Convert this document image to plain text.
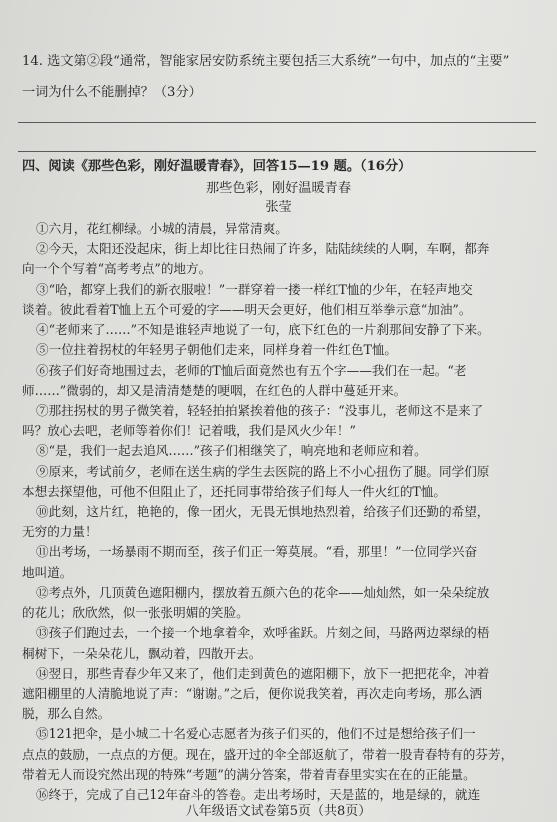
14. 选文第②段“通常，智能家居安防系统主要包括三大系统”一句中，加点的“主要”
一词为什么不能删掉？（3分）
四、阅读《那些色彩，刚好温暖青春》，回答15—19 题。（16分）
那些色彩，刚好温暖青春
张莹
①六月，花红柳绿。小城的清晨，异常清爽。
②今天，太阳还没起床，街上却比往日热闹了许多，陆陆续续的人啊，车啊，都奔
向一个个写着“高考考点”的地方。
③“哈，都穿上我们的新衣服啦！”一群穿着一搂一样红T恤的少年，在轻声地交
谈着。彼此看着T恤上五个可爱的字——明天会更好，他们相互举拳示意“加油”。
④“老师来了……”不知是谁轻声地说了一句，底下红色的一片刹那间安静了下来。
⑤一位拄着拐杖的年轻男子朝他们走来，同样身着一件红色T恤。
⑥孩子们好奇地围过去，老师的T恤后面竟然也有五个字——我们在一起。“老
师……”微弱的，却又是清清楚楚的哽咽，在红色的人群中蔓延开来。
⑦那拄拐杖的男子微笑着，轻轻拍拍紧挨着他的孩子：“没事儿，老师这不是来了
吗？放心去吧，老师等着你们！记着哦，我们是风火少年！”
⑧“是，我们一起去追风……”孩子们相继笑了，响亮地和老师应和着。
⑨原来，考试前夕，老师在送生病的学生去医院的路上不小心扭伤了腿。同学们原
本想去探望他，可他不但阻止了，还托同事带给孩子们每人一件火红的T恤。
⑩此刻，这片红，艳艳的，像一团火，无畏无惧地热烈着，给孩子们还勤的希望，
无穷的力量！
⑪出考场，一场暴雨不期而至，孩子们正一筹莫展。“看，那里！”一位同学兴奋
地叫道。
⑫考点外，几顶黄色遮阳棚内，摆放着五颜六色的花伞——灿灿然，如一朵朵绽放
的花儿；欣欣然，似一张张明媚的笑脸。
⑬孩子们跑过去，一个接一个地拿着伞，欢呼雀跃。片刻之间，马路两边翠绿的梧
桐树下，一朵朵花儿，飘动着，四散开去。
⑭翌日，那些青春少年又来了，他们走到黄色的遮阳棚下，放下一把把花伞，冲着
遮阳棚里的人清脆地说了声：“谢谢。”之后，便你说我笑着，再次走向考场，那么洒
脱，那么自然。
⑮121把伞，是小城二十名爱心志愿者为孩子们买的，他们不过是想给孩子们一
点点的鼓励，一点点的方便。现在，盛开过的伞全部返航了，带着一股青春特有的芬芳，
带着无人而设究然出现的特殊“考题”的满分答案，带着青春里实实在在的正能量。
⑯终于，完成了自己12年奋斗的答卷。走出考场时，天是蓝的，地是绿的，就连
八年级语文试卷第5页（共8页）
